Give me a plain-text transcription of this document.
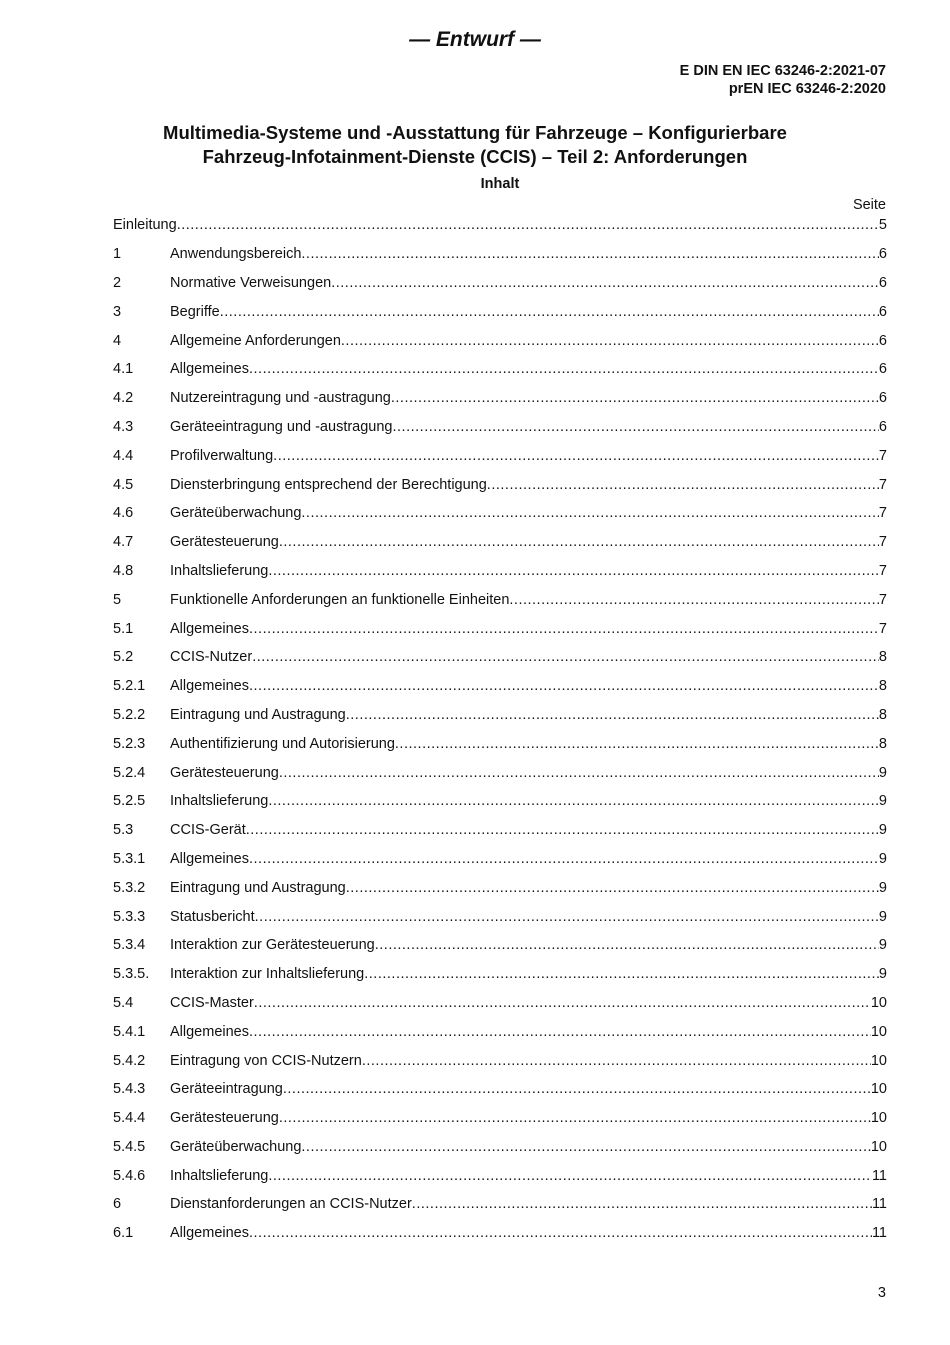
— Entwurf —
E DIN EN IEC 63246-2:2021-07
prEN IEC 63246-2:2020
Multimedia-Systeme und -Ausstattung für Fahrzeuge – Konfigurierbare
Fahrzeug-Infotainment-Dienste (CCIS) – Teil 2: Anforderungen
Inhalt
Seite
Einleitung .....	5
1	Anwendungsbereich .....	6
2	Normative Verweisungen .....	6
3	Begriffe .....	6
4	Allgemeine Anforderungen .....	6
4.1	Allgemeines .....	6
4.2	Nutzereintragung und -austragung .....	6
4.3	Geräteeintragung und -austragung .....	6
4.4	Profilverwaltung .....	7
4.5	Diensterbringung entsprechend der Berechtigung .....	7
4.6	Geräteüberwachung .....	7
4.7	Gerätesteuerung .....	7
4.8	Inhaltslieferung .....	7
5	Funktionelle Anforderungen an funktionelle Einheiten .....	7
5.1	Allgemeines .....	7
5.2	CCIS-Nutzer .....	8
5.2.1	Allgemeines .....	8
5.2.2	Eintragung und Austragung .....	8
5.2.3	Authentifizierung und Autorisierung .....	8
5.2.4	Gerätesteuerung .....	9
5.2.5	Inhaltslieferung .....	9
5.3	CCIS-Gerät .....	9
5.3.1	Allgemeines .....	9
5.3.2	Eintragung und Austragung .....	9
5.3.3	Statusbericht .....	9
5.3.4	Interaktion zur Gerätesteuerung .....	9
5.3.5.	Interaktion zur Inhaltslieferung .....	9
5.4	CCIS-Master .....	10
5.4.1	Allgemeines .....	10
5.4.2	Eintragung von CCIS-Nutzern .....	10
5.4.3	Geräteeintragung .....	10
5.4.4	Gerätesteuerung .....	10
5.4.5	Geräteüberwachung .....	10
5.4.6	Inhaltslieferung .....	11
6	Dienstanforderungen an CCIS-Nutzer .....	11
6.1	Allgemeines .....	11
3
